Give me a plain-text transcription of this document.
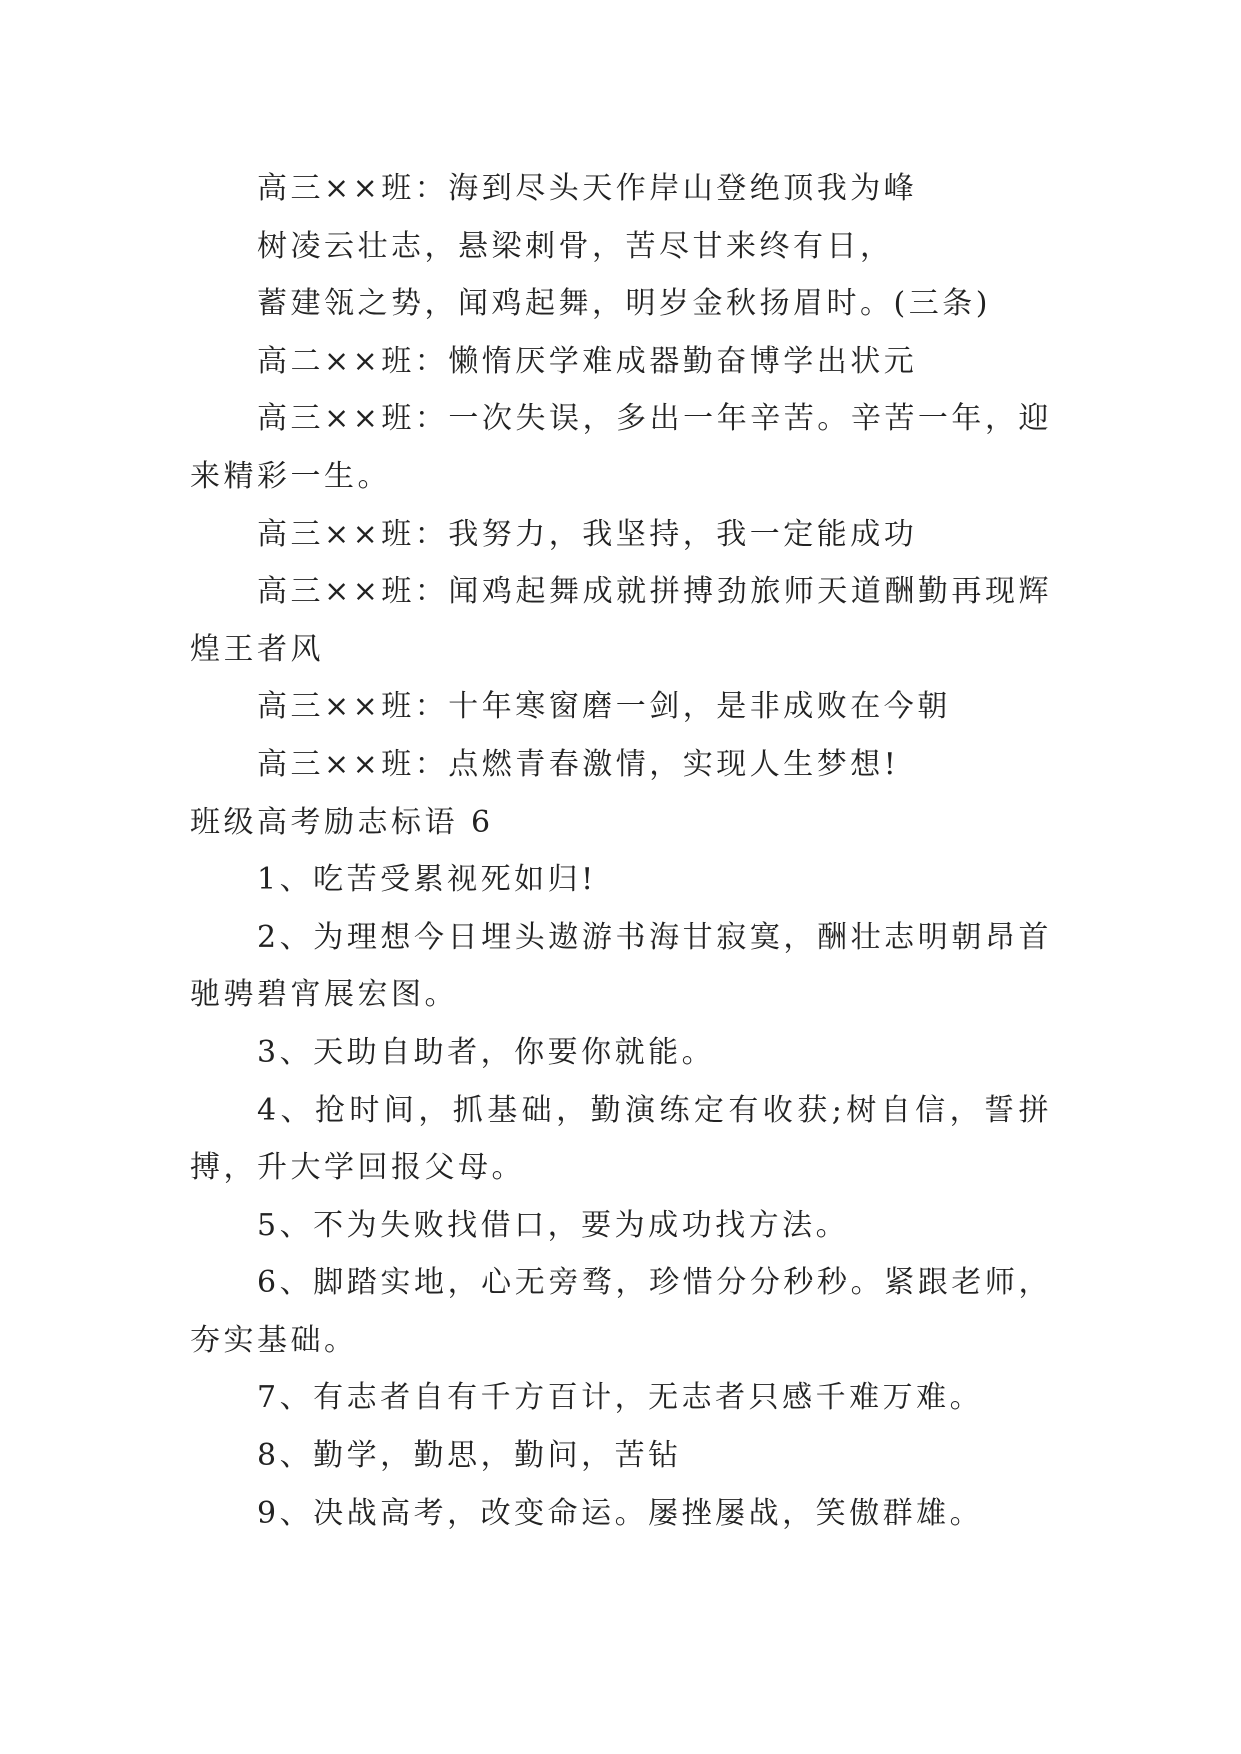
高三××班：海到尽头天作岸山登绝顶我为峰

树凌云壮志，悬梁刺骨，苦尽甘来终有日，

蓄建瓴之势，闻鸡起舞，明岁金秋扬眉时。(三条)

高二××班：懒惰厌学难成器勤奋博学出状元

高三××班：一次失误，多出一年辛苦。辛苦一年，迎来精彩一生。

高三××班：我努力，我坚持，我一定能成功

高三××班：闻鸡起舞成就拼搏劲旅师天道酬勤再现辉煌王者风

高三××班：十年寒窗磨一剑，是非成败在今朝

高三××班：点燃青春激情，实现人生梦想!

班级高考励志标语 6

1、吃苦受累视死如归!

2、为理想今日埋头遨游书海甘寂寞，酬壮志明朝昂首驰骋碧宵展宏图。

3、天助自助者，你要你就能。

4、抢时间，抓基础，勤演练定有收获;树自信，誓拼搏，升大学回报父母。

5、不为失败找借口，要为成功找方法。

6、脚踏实地，心无旁骛，珍惜分分秒秒。紧跟老师，夯实基础。

7、有志者自有千方百计，无志者只感千难万难。

8、勤学，勤思，勤问，苦钻

9、决战高考，改变命运。屡挫屡战，笑傲群雄。
